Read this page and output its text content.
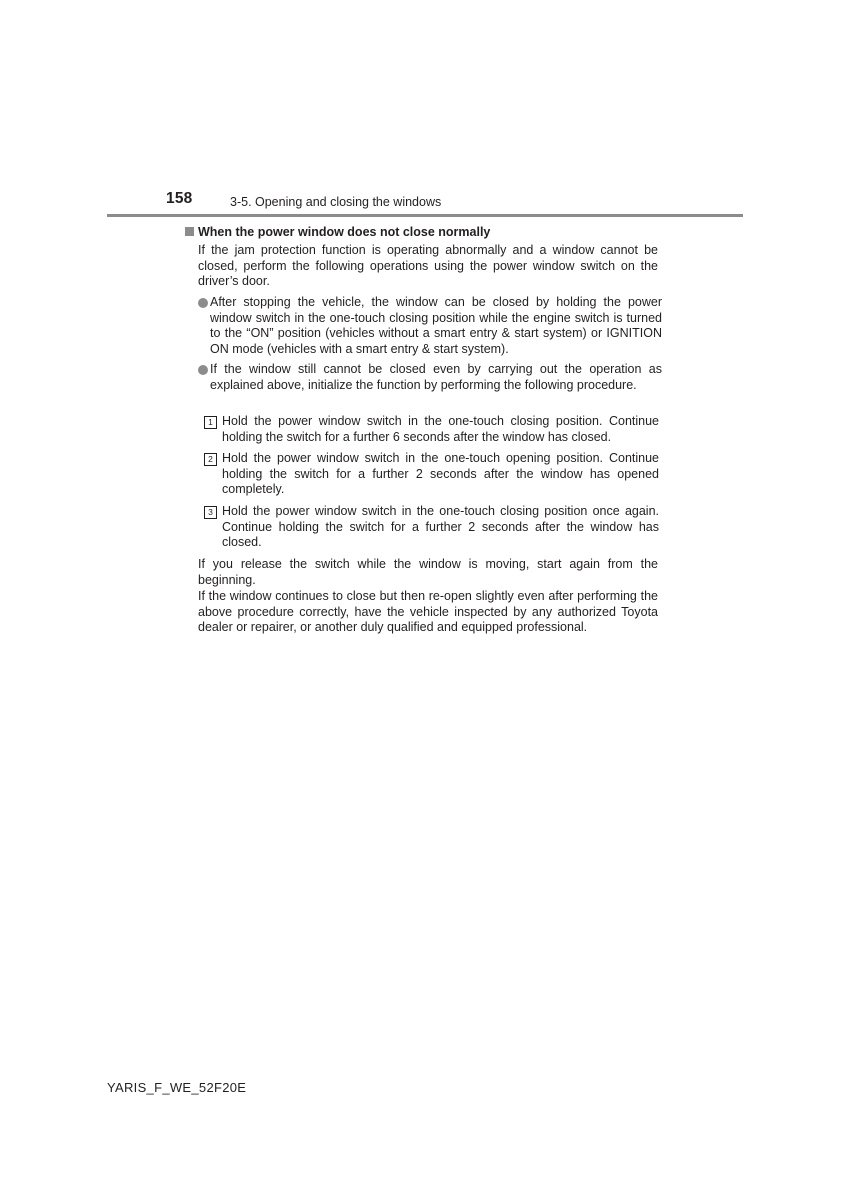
158	3-5. Opening and closing the windows
When the power window does not close normally

If the jam protection function is operating abnormally and a window cannot be closed, perform the following operations using the power window switch on the driver’s door.

After stopping the vehicle, the window can be closed by holding the power window switch in the one-touch closing position while the engine switch is turned to the “ON” position (vehicles without a smart entry & start system) or IGNITION ON mode (vehicles with a smart entry & start system).
If the window still cannot be closed even by carrying out the operation as explained above, initialize the function by performing the following procedure.
1 Hold the power window switch in the one-touch closing position. Continue holding the switch for a further 6 seconds after the window has closed.
2 Hold the power window switch in the one-touch opening position. Continue holding the switch for a further 2 seconds after the window has opened completely.
3 Hold the power window switch in the one-touch closing position once again. Continue holding the switch for a further 2 seconds after the window has closed.

If you release the switch while the window is moving, start again from the beginning.

If the window continues to close but then re-open slightly even after performing the above procedure correctly, have the vehicle inspected by any authorized Toyota dealer or repairer, or another duly qualified and equipped professional.

YARIS_F_WE_52F20E
